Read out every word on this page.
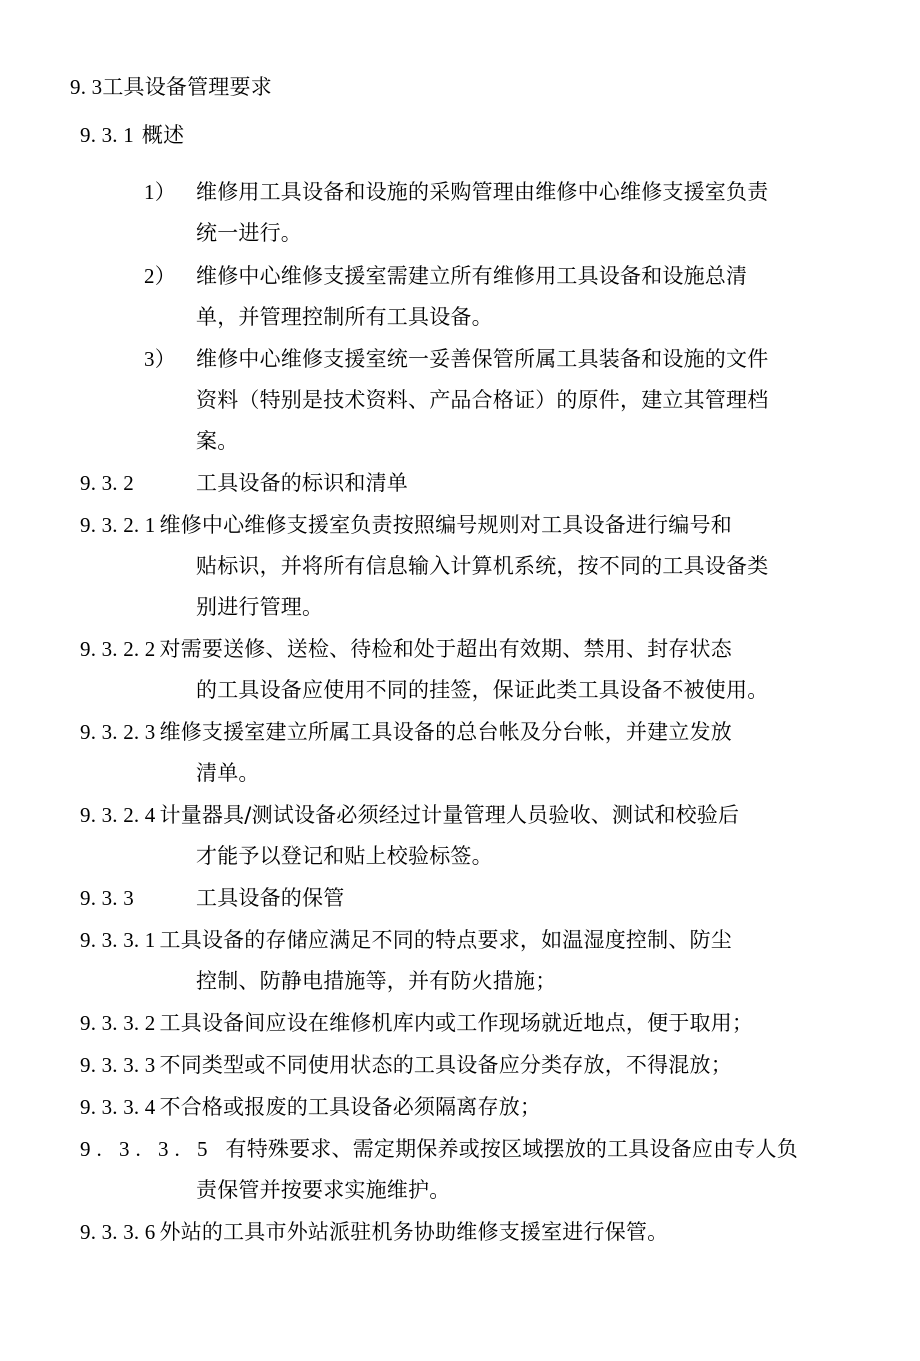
9. 3工具设备管理要求
9. 3. 1 概述
1） 维修用工具设备和设施的采购管理由维修中心维修支援室负责
统一进行。
2） 维修中心维修支援室需建立所有维修用工具设备和设施总清
单，并管理控制所有工具设备。
3） 维修中心维修支援室统一妥善保管所属工具装备和设施的文件
资料（特别是技术资料、产品合格证）的原件，建立其管理档
案。
9. 3. 2	工具设备的标识和清单
9. 3. 2. 1 维修中心维修支援室负责按照编号规则对工具设备进行编号和
贴标识，并将所有信息输入计算机系统，按不同的工具设备类
别进行管理。
9. 3. 2. 2 对需要送修、送检、待检和处于超出有效期、禁用、封存状态
的工具设备应使用不同的挂签，保证此类工具设备不被使用。
9. 3. 2. 3 维修支援室建立所属工具设备的总台帐及分台帐，并建立发放
清单。
9. 3. 2. 4 计量器具/测试设备必须经过计量管理人员验收、测试和校验后
才能予以登记和贴上校验标签。
9. 3. 3	工具设备的保管
9. 3. 3. 1 工具设备的存储应满足不同的特点要求，如温湿度控制、防尘
控制、防静电措施等，并有防火措施；
9. 3. 3. 2 工具设备间应设在维修机库内或工作现场就近地点，便于取用；
9. 3. 3. 3 不同类型或不同使用状态的工具设备应分类存放，不得混放；
9. 3. 3. 4 不合格或报废的工具设备必须隔离存放；
9. 3. 3. 5 有特殊要求、需定期保养或按区域摆放的工具设备应由专人负
责保管并按要求实施维护。
9. 3. 3. 6 外站的工具市外站派驻机务协助维修支援室进行保管。
